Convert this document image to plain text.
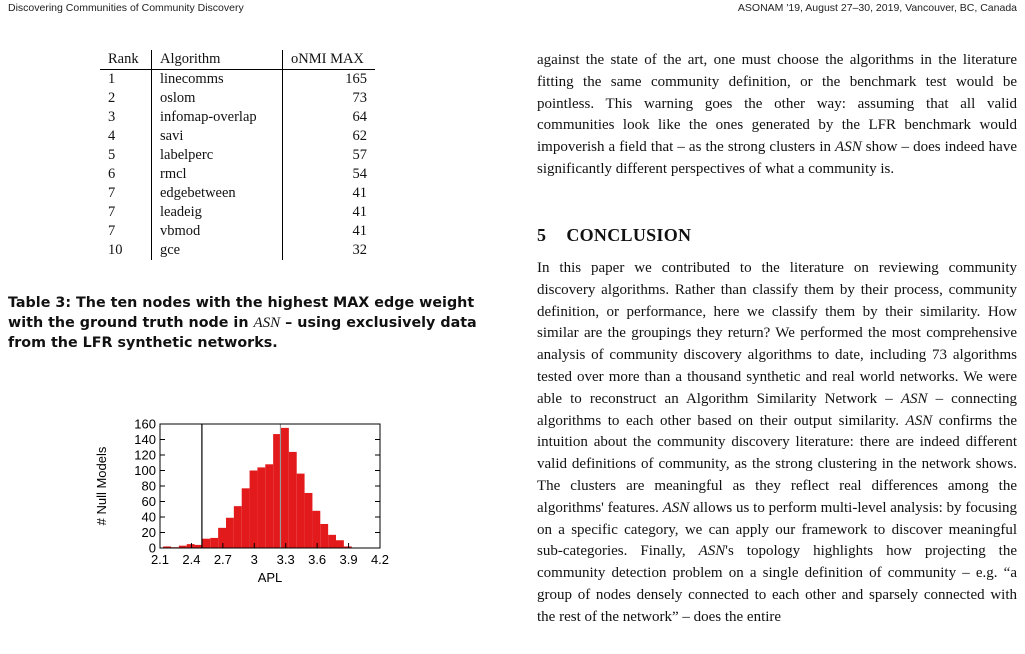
Discovering Communities of Community Discovery	ASONAM '19, August 27–30, 2019, Vancouver, BC, Canada
Rank	Algorithm	oNMI MAX
1	linecomms	165
2	oslom	73
3	infomap-overlap	64
4	savi	62
5	labelperc	57
6	rmcl	54
7	edgebetween	41
7	leadeig	41
7	vbmod	41
10	gce	32
Table 3: The ten nodes with the highest MAX edge weight with the ground truth node in ASN – using exclusively data from the LFR synthetic networks.
2.1 2.4 2.7 3 3.3 3.6 3.9 4.2
0
20
40
60
80
100
120
140
160
APL
# Null Models
against the state of the art, one must choose the algorithms in the literature fitting the same community definition, or the benchmark test would be pointless. This warning goes the other way: assuming that all valid communities look like the ones generated by the LFR benchmark would impoverish a field that – as the strong clusters in ASN show – does indeed have significantly different perspectives of what a community is.
5 CONCLUSION
In this paper we contributed to the literature on reviewing community discovery algorithms. Rather than classify them by their process, community definition, or performance, here we classify them by their similarity. How similar are the groupings they return? We performed the most comprehensive analysis of community discovery algorithms to date, including 73 algorithms tested over more than a thousand synthetic and real world networks. We were able to reconstruct an Algorithm Similarity Network – ASN – connecting algorithms to each other based on their output similarity. ASN confirms the intuition about the community discovery literature: there are indeed different valid definitions of community, as the strong clustering in the network shows. The clusters are meaningful as they reflect real differences among the algorithms' features. ASN allows us to perform multi-level analysis: by focusing on a specific category, we can apply our framework to discover meaningful sub-categories. Finally, ASN's topology highlights how projecting the community detection problem on a single definition of community – e.g. “a group of nodes densely connected to each other and sparsely connected with the rest of the network” – does the entire
